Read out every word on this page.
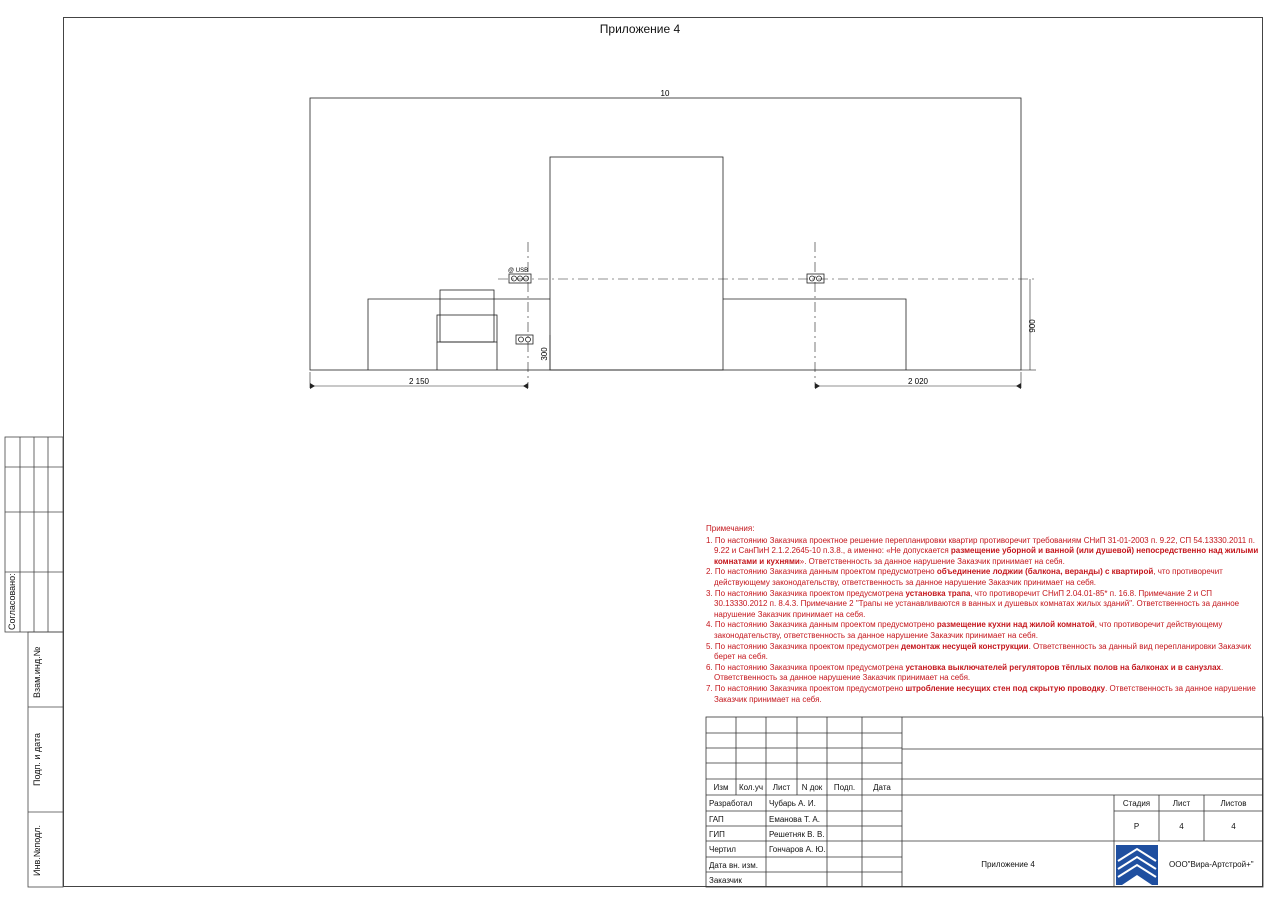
Приложение 4
10
2 150	2 020
900
300
@ USB
Согласовано:
Взам.инд.№
Подп. и дата
Инв.№подл.
Примечания:
1. По настоянию Заказчика проектное решение перепланировки квартир противоречит требованиям СНиП 31-01-2003 п. 9.22, СП 54.13330.2011 п. 9.22 и СанПиН 2.1.2.2645-10 п.3.8., а именно: «Не допускается размещение уборной и ванной (или душевой) непосредственно над жилыми комнатами и кухнями». Ответственность за данное нарушение Заказчик принимает на себя.
2. По настоянию Заказчика данным проектом предусмотрено объединение лоджии (балкона, веранды) с квартирой, что противоречит действующему законодательству, ответственность за данное нарушение Заказчик принимает на себя.
3. По настоянию Заказчика проектом предусмотрена установка трапа, что противоречит СНиП 2.04.01-85* п. 16.8. Примечание 2 и СП 30.13330.2012 п. 8.4.3. Примечание 2 "Трапы не устанавливаются в ванных и душевых комнатах жилых зданий". Ответственность за данное нарушение Заказчик принимает на себя.
4. По настоянию Заказчика данным проектом предусмотрено размещение кухни над жилой комнатой, что противоречит действующему законодательству, ответственность за данное нарушение Заказчик принимает на себя.
5. По настоянию Заказчика проектом предусмотрен демонтаж несущей конструкции. Ответственность за данный вид перепланировки Заказчик берет на себя.
6. По настоянию Заказчика проектом предусмотрена установка выключателей регуляторов тёплых полов на балконах и в санузлах. Ответственность за данное нарушение Заказчик принимает на себя.
7. По настоянию Заказчика проектом предусмотрено штробление несущих стен под скрытую проводку. Ответственность за данное нарушение Заказчик принимает на себя.
Изм	Кол.уч	Лист	N док	Подп.	Дата
Разработал Чубарь А. И.
ГАП	Еманова Т. А.
ГИП	Решетняк В. В.
Чертил	Гончаров А. Ю.
Дата вн. изм.
Заказчик
Стадия	Лист	Листов
Р	4	4
Приложение 4	ООО"Вира-Артстрой+"
